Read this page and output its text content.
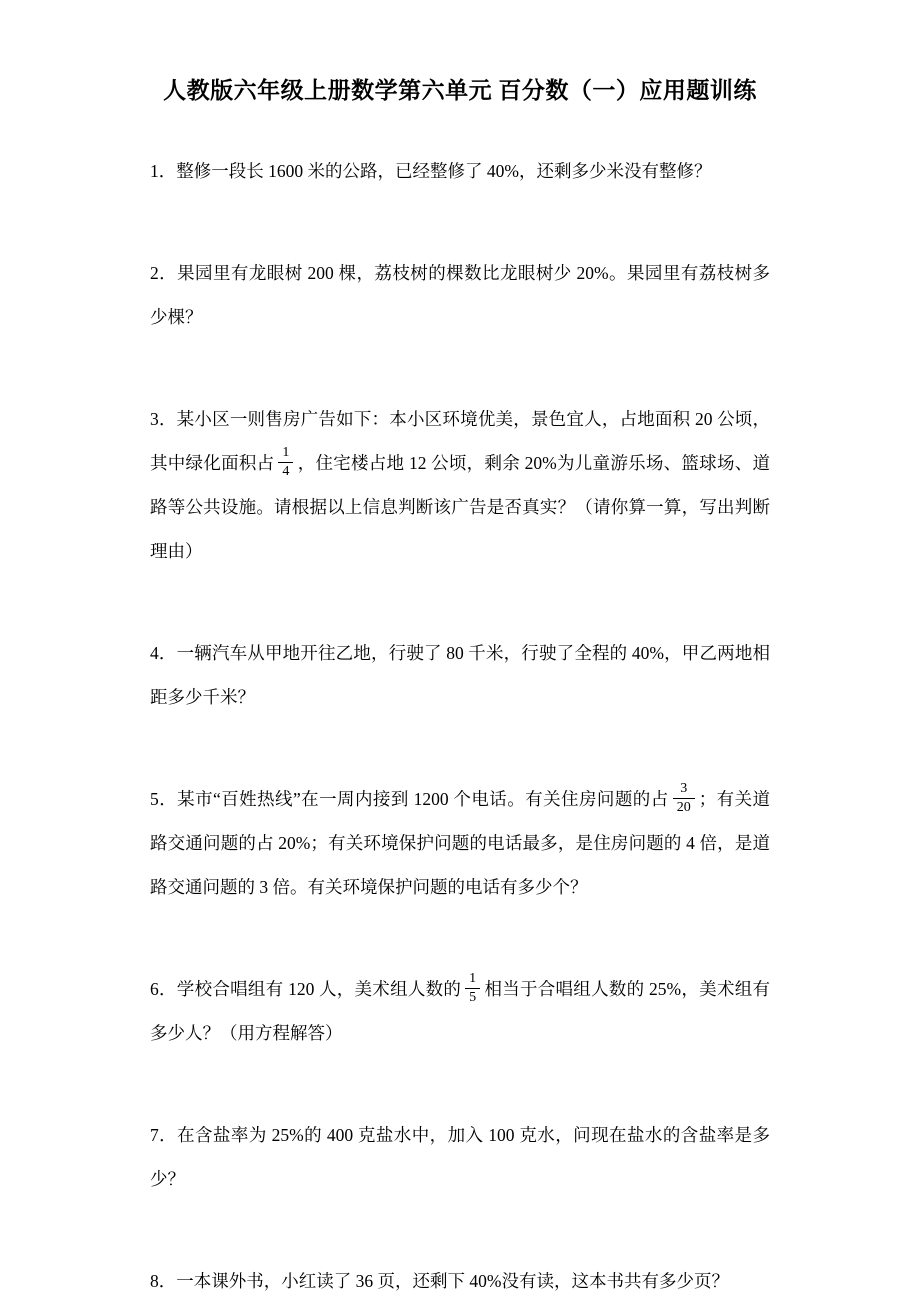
人教版六年级上册数学第六单元 百分数（一）应用题训练
1．整修一段长 1600 米的公路，已经整修了 40%，还剩多少米没有整修？
2．果园里有龙眼树 200 棵，荔枝树的棵数比龙眼树少 20%。果园里有荔枝树多少棵？
3．某小区一则售房广告如下：本小区环境优美，景色宜人，占地面积 20 公顷，其中绿化面积占 $\frac{1}{4}$ ，住宅楼占地 12 公顷，剩余 20%为儿童游乐场、篮球场、道路等公共设施。请根据以上信息判断该广告是否真实？（请你算一算，写出判断理由）
4．一辆汽车从甲地开往乙地，行驶了 80 千米，行驶了全程的 40%，甲乙两地相距多少千米？
5．某市“百姓热线”在一周内接到 1200 个电话。有关住房问题的占 $\frac{3}{20}$ ；有关道路交通问题的占 20%；有关环境保护问题的电话最多，是住房问题的 4 倍，是道路交通问题的 3 倍。有关环境保护问题的电话有多少个？
6．学校合唱组有 120 人，美术组人数的 $\frac{1}{5}$ 相当于合唱组人数的 25%，美术组有多少人？（用方程解答）
7．在含盐率为 25%的 400 克盐水中，加入 100 克水，问现在盐水的含盐率是多少？
8．一本课外书，小红读了 36 页，还剩下 40%没有读，这本书共有多少页？
